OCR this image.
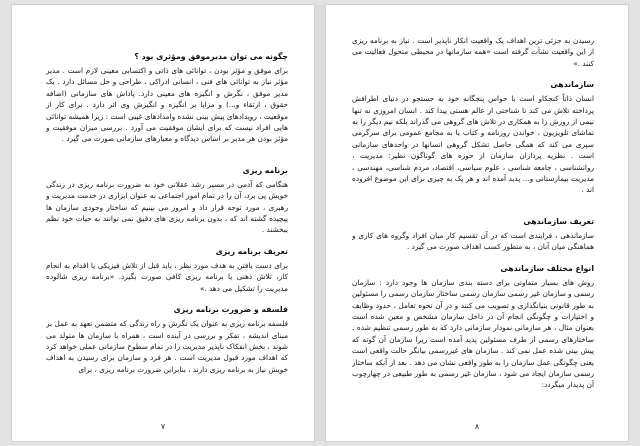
چگونه می توان مدیرموفق ومؤثری بود ؟

برای موفق و مؤثر بودن ، توانائی های ذاتی و اکتسابی معینی لازم است . مدیر مؤثر نیاز به توانائی های فنی ، انسانی ادراکی ، طراحی و حل مسائل دارد . یک مدیر موفق ، نگرش و انگیزه های معینی دارد. پاداش های سازمانی (اضافه حقوق ، ارتقاء و...) و مزایا بر انگیزه و انگیزش وی اثر دارد . برای کار از موقعیت ، رویدادهای پیش بینی نشده وامدادهای غیبی است : زیرا همیشه توانائی هایی افراد نیست که برای ایشان موفقیت می آورد . بررسی میزان موفقیت و مؤثر بودن هر مدیر بر اساس دیدگاه و معیارهای سازمانی صورت می گیرد .

برنامه ریزی

هنگامی که آدمی در مسیر رشد عقلانی خود به ضرورت برنامه ریزی در زندگی خویش پی برد، آن را در تمام امور اجتماعی به عنوان ابزاری در خدمت مدیریت و رهبری ، مورد توجه قرار داد و امروز می بینیم که ساختار وجودی سازمان ها پیچیده گشته اند که ، بدون برنامه ریزی های دقیق نمی توانند به حیات خود نظم ببخشند .

تعریف برنامه ریزی

برای دست یافتن به هدف مورد نظر ، باید قبل از تلاش فیزیکی یا اقدام به انجام کار، تلاش ذهنی یا برنامه ریزی کافی صورت بگیرد. «برنامه ریزی شالوده مدیریت را تشکیل می دهد .»

فلسفه و ضرورت برنامه ریزی

فلسفه برنامه ریزی به عنوان یک نگرش و راه زندگی که متضمن تعهد به عمل بر مبنای اندیشه ، تفکر و بررسی در آینده است ، همراه با سازمان ها متولد می شوند ، بخش انفکاک ناپذیر مدیریت را در تمام سطوح سازمانی عملی خواهد کرد که اهداف مورد قبول مدیریت است . هر فرد و سازمان برای رسیدن به اهداف خویش نیاز به برنامه ریزی دارند ، بنابراین ضرورت برنامه ریزی ، برای

۷

رسیدن به جزئی ترین اهداف یک واقعیت انکار ناپذیر است . نیاز به برنامه ریزی از این واقعیت نشأت گرفته است «همه سازمانها در محیطی متحول فعالیت می کنند .»

سازماندهی

انسان ذاتاً کنجکاو است با حواس پنجگانه خود به جستجو در دنیای اطرافش پرداخته تلاش می کند تا شناختی از عالم هستی پیدا کند . انسان امروزی نه تنها نیمی از روزش را به همکاری در تلاش های گروهی می گذراند بلکه نیم دیگر را به تماشای تلویزیون ، خواندن روزنامه و کتاب یا به مجامع عمومی برای سرگرمی سپری می کند که همگی حاصل تشکل گروهی انسانها در واحدهای سازمانی است . نظریه پردازان سازمان از حوزه های گوناگون نظیر: مدیریت ، روانشناسی ، جامعه شناسی ، علوم سیاسی، اقتصاد، مردم شناسی، مهندسی ، مدیریت بیمارستانی و... پدید آمده اند و هر یک به چیزی برای این موضوع افزوده اند .

تعریف سازماندهی

سازماندهی ، فرایندی است که در آن تقسیم کار میان افراد وگروه های کاری و هماهنگی میان آنان ، به منظور کسب اهداف صورت می گیرد .

انواع مختلف سازماندهی

روش های بسیار متفاوتی برای دسته بندی سازمان ها وجود دارد : سازمان رسمی و سازمان غیر رسمی سازمان رسمی ساختار سازمان رسمی را مسئولین به طور قانونی بنیانگذاری و تصویب می کنند و در آن نحوه تعامل ، حدود وظایف و اختیارات و چگونگی انجام آن در داخل سازمان مشخص و معین شده است بعنوان مثال ، هر سازمانی نمودار سازمانی دارد که به طور رسمی تنظیم شده . ساختارهای رسمی از طرف مسئولین پدید آمده است زیرا سازمان آن گونه که پیش بینی شده عمل نمی کند . سازمان های غیررسمی بیانگر حالت واقعی است یعنی چگونگی عمل سازمان را به طور واقعی نشان می دهد . بعد از آنکه ساختار رسمی سازمان ایجاد می شود ، سازمان غیر رسمی به طور طبیعی در چهارچوب آن پدیدار میگردد:

۸
